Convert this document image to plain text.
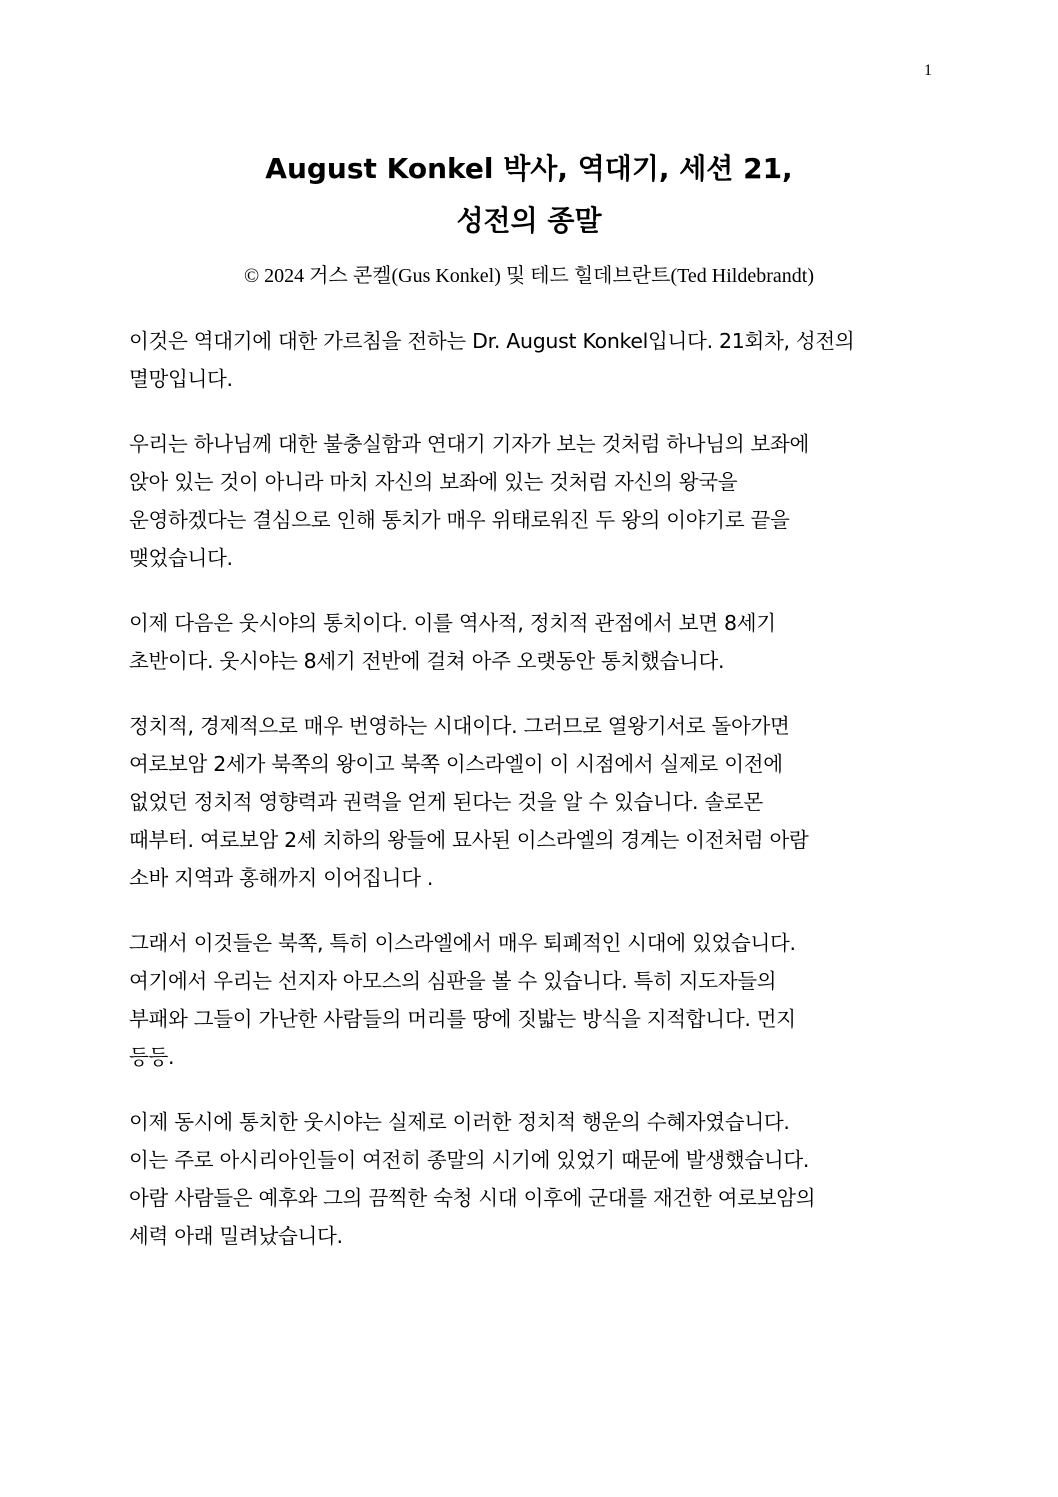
1
August Konkel 박사, 역대기, 세션 21,
성전의 종말
© 2024 거스 콘켈(Gus Konkel) 및 테드 힐데브란트(Ted Hildebrandt)

이것은 역대기에 대한 가르침을 전하는 Dr. August Konkel입니다. 21회차, 성전의
멸망입니다.

우리는 하나님께 대한 불충실함과 연대기 기자가 보는 것처럼 하나님의 보좌에
앉아 있는 것이 아니라 마치 자신의 보좌에 있는 것처럼 자신의 왕국을
운영하겠다는 결심으로 인해 통치가 매우 위태로워진 두 왕의 이야기로 끝을
맺었습니다.

이제 다음은 웃시야의 통치이다. 이를 역사적, 정치적 관점에서 보면 8세기
초반이다. 웃시야는 8세기 전반에 걸쳐 아주 오랫동안 통치했습니다.

정치적, 경제적으로 매우 번영하는 시대이다. 그러므로 열왕기서로 돌아가면
여로보암 2세가 북쪽의 왕이고 북쪽 이스라엘이 이 시점에서 실제로 이전에
없었던 정치적 영향력과 권력을 얻게 된다는 것을 알 수 있습니다. 솔로몬
때부터. 여로보암 2세 치하의 왕들에 묘사된 이스라엘의 경계는 이전처럼 아람
소바 지역과 홍해까지 이어집니다 .

그래서 이것들은 북쪽, 특히 이스라엘에서 매우 퇴폐적인 시대에 있었습니다.
여기에서 우리는 선지자 아모스의 심판을 볼 수 있습니다. 특히 지도자들의
부패와 그들이 가난한 사람들의 머리를 땅에 짓밟는 방식을 지적합니다. 먼지
등등.

이제 동시에 통치한 웃시야는 실제로 이러한 정치적 행운의 수혜자였습니다.
이는 주로 아시리아인들이 여전히 종말의 시기에 있었기 때문에 발생했습니다.
아람 사람들은 예후와 그의 끔찍한 숙청 시대 이후에 군대를 재건한 여로보암의
세력 아래 밀려났습니다.
